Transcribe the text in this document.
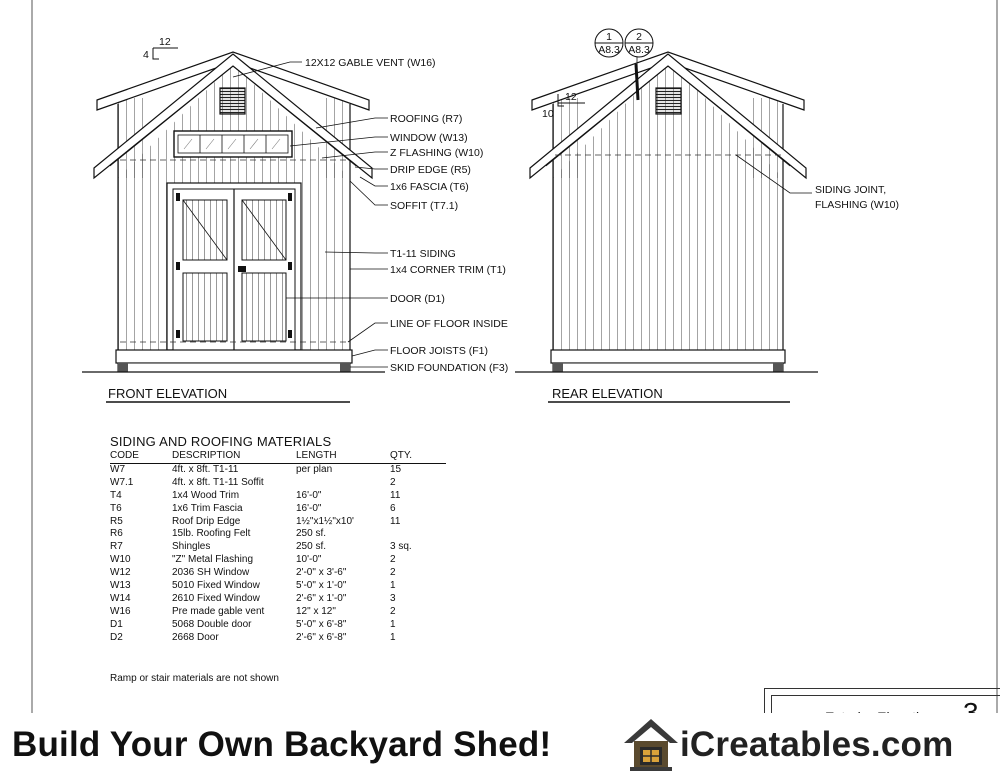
12
4
12X12 GABLE VENT (W16)
ROOFING (R7)
WINDOW (W13)
Z FLASHING (W10)
DRIP EDGE (R5)
1x6 FASCIA (T6)
SOFFIT (T7.1)
T1-11 SIDING
1x4 CORNER TRIM (T1)
DOOR (D1)
LINE OF FLOOR INSIDE
FLOOR JOISTS (F1)
SKID FOUNDATION (F3)
FRONT ELEVATION
12
10
1
A8.3
2
A8.3
SIDING JOINT,
FLASHING (W10)
REAR ELEVATION
SIDING AND ROOFING MATERIALS
CODE	DESCRIPTION	LENGTH	QTY.
W7	4ft. x 8ft. T1-11	per plan	15
W7.1	4ft. x 8ft. T1-11 Soffit		2
T4	1x4 Wood Trim	16'-0"	11
T6	1x6 Trim Fascia	16'-0"	6
R5	Roof Drip Edge	1½"x1½"x10'	11
R6	15lb. Roofing Felt	250 sf.	
R7	Shingles	250 sf.	3 sq.
W10	"Z" Metal Flashing	10'-0"	2
W12	2036 SH Window	2'-0" x 3'-6"	2
W13	5010 Fixed Window	5'-0" x 1'-0"	1
W14	2610 Fixed Window	2'-6" x 1'-0"	3
W16	Pre made gable vent	12" x 12"	2
D1	5068 Double door	5'-0" x 6'-8"	1
D2	2668 Door	2'-6" x 6'-8"	1
Ramp or stair materials are not shown
Build Your Own Backyard Shed!	iCreatables.com
